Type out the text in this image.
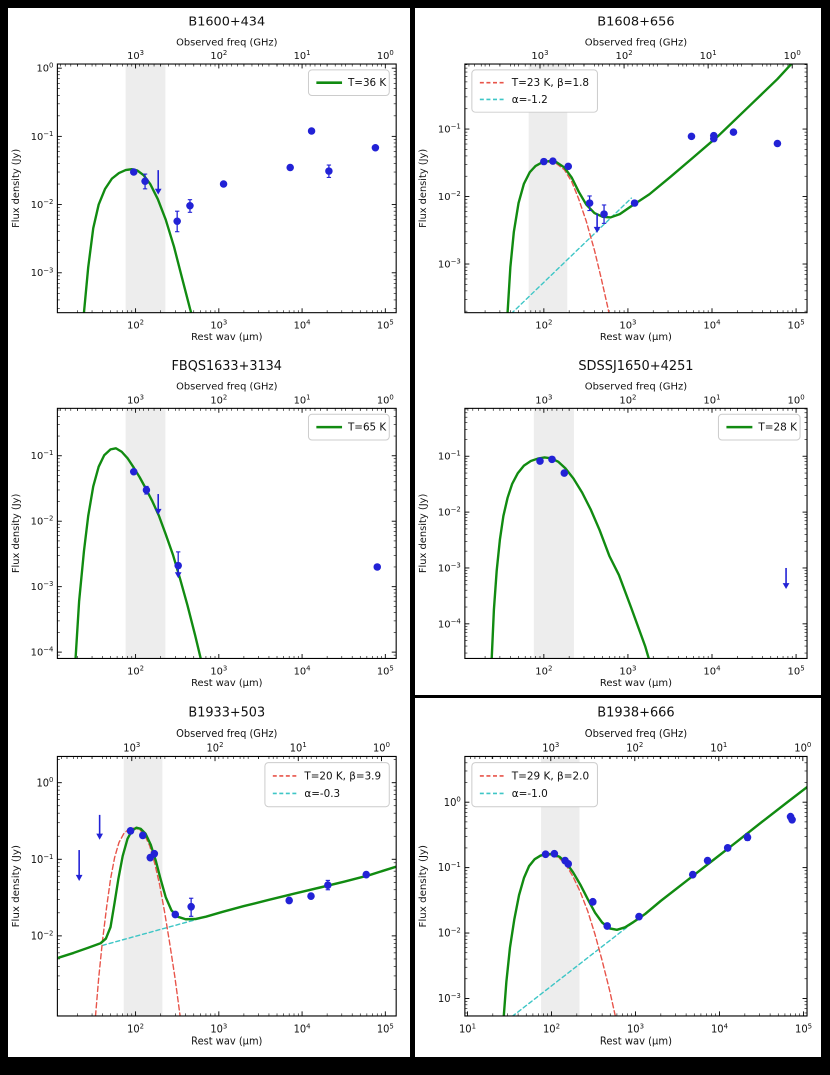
B1600+434
Observed freq (GHz)
Rest wav (μm)
Flux density (Jy)
$10^2$	$10^3$	$10^4$	$10^5$
$10^3$	$10^2$	$10^1$	$10^0$
$10^{-3}$
$10^{-2}$
$10^{-1}$
$10^0$
T=36 K
B1608+656
Observed freq (GHz)
Rest wav (μm)
Flux density (Jy)
$10^2$	$10^3$	$10^4$	$10^5$
$10^3$	$10^2$	$10^1$	$10^0$
$10^{-3}$
$10^{-2}$
$10^{-1}$
T=23 K, β=1.8
α=-1.2
FBQS1633+3134
Observed freq (GHz)
Rest wav (μm)
Flux density (Jy)
$10^2$	$10^3$	$10^4$	$10^5$
$10^3$	$10^2$	$10^1$	$10^0$
$10^{-4}$
$10^{-3}$
$10^{-2}$
$10^{-1}$
T=65 K
SDSSJ1650+4251
Observed freq (GHz)
Rest wav (μm)
Flux density (Jy)
$10^2$	$10^3$	$10^4$	$10^5$
$10^3$	$10^2$	$10^1$	$10^0$
$10^{-4}$
$10^{-3}$
$10^{-2}$
$10^{-1}$
T=28 K
B1933+503
Observed freq (GHz)
Rest wav (μm)
Flux density (Jy)
$10^2$	$10^3$	$10^4$	$10^5$
$10^3$	$10^2$	$10^1$	$10^0$
$10^{-2}$
$10^{-1}$
$10^0$	T=20 K, β=3.9
α=-0.3
B1938+666
Observed freq (GHz)
Rest wav (μm)
Flux density (Jy)
$10^1$	$10^2$	$10^3$	$10^4$	$10^5$
$10^3$	$10^2$	$10^1$	$10^0$
$10^{-3}$
$10^{-2}$
$10^{-1}$
$10^0$
T=29 K, β=2.0
α=-1.0
